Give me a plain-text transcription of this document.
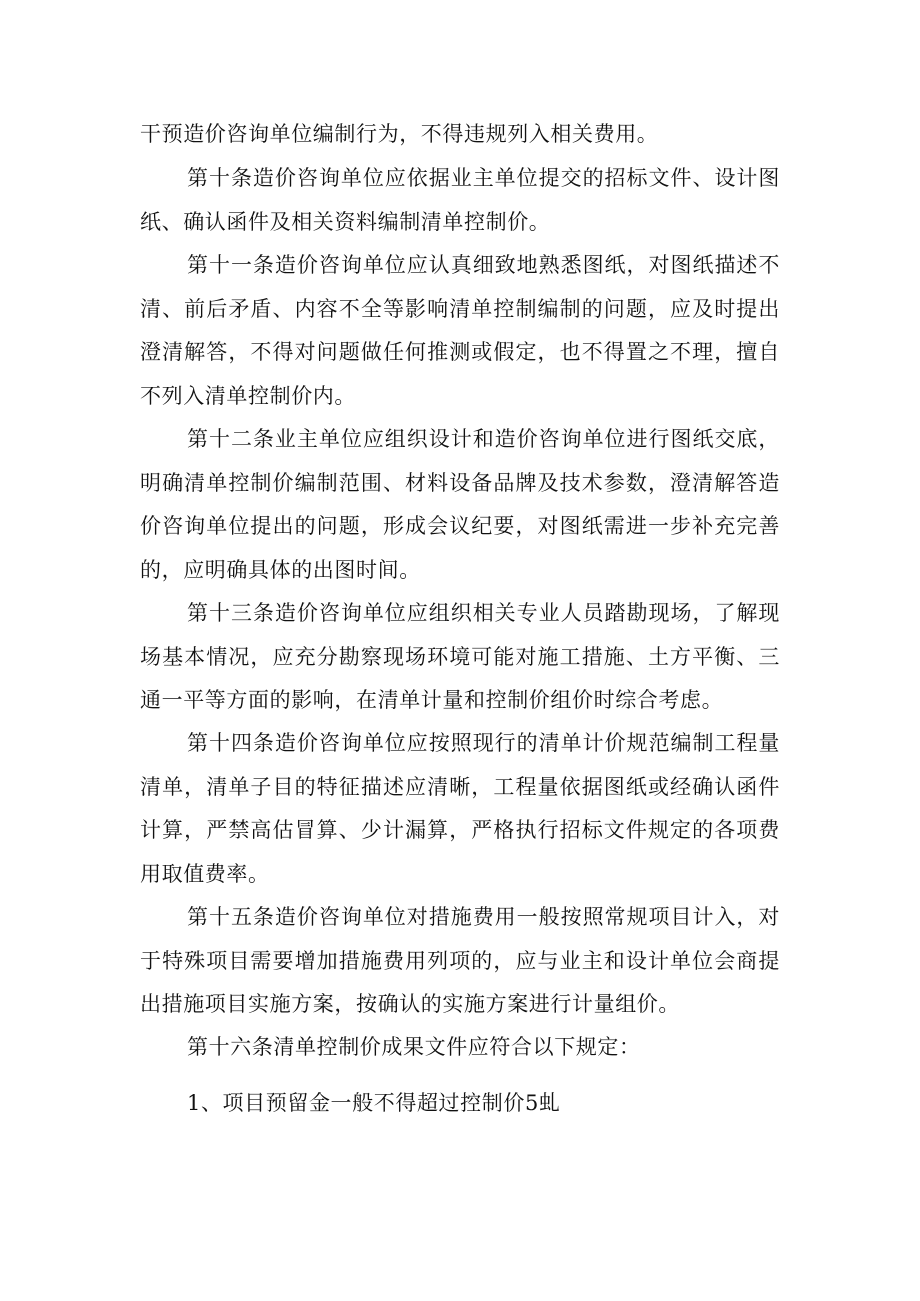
干预造价咨询单位编制行为，不得违规列入相关费用。

第十条造价咨询单位应依据业主单位提交的招标文件、设计图纸、确认函件及相关资料编制清单控制价。

第十一条造价咨询单位应认真细致地熟悉图纸，对图纸描述不清、前后矛盾、内容不全等影响清单控制编制的问题，应及时提出澄清解答，不得对问题做任何推测或假定，也不得置之不理，擅自不列入清单控制价内。

第十二条业主单位应组织设计和造价咨询单位进行图纸交底，明确清单控制价编制范围、材料设备品牌及技术参数，澄清解答造价咨询单位提出的问题，形成会议纪要，对图纸需进一步补充完善的，应明确具体的出图时间。

第十三条造价咨询单位应组织相关专业人员踏勘现场，了解现场基本情况，应充分勘察现场环境可能对施工措施、土方平衡、三通一平等方面的影响，在清单计量和控制价组价时综合考虑。

第十四条造价咨询单位应按照现行的清单计价规范编制工程量清单，清单子目的特征描述应清晰，工程量依据图纸或经确认函件计算，严禁高估冒算、少计漏算，严格执行招标文件规定的各项费用取值费率。

第十五条造价咨询单位对措施费用一般按照常规项目计入，对于特殊项目需要增加措施费用列项的，应与业主和设计单位会商提出措施项目实施方案，按确认的实施方案进行计量组价。

第十六条清单控制价成果文件应符合以下规定：

1、项目预留金一般不得超过控制价5虬
